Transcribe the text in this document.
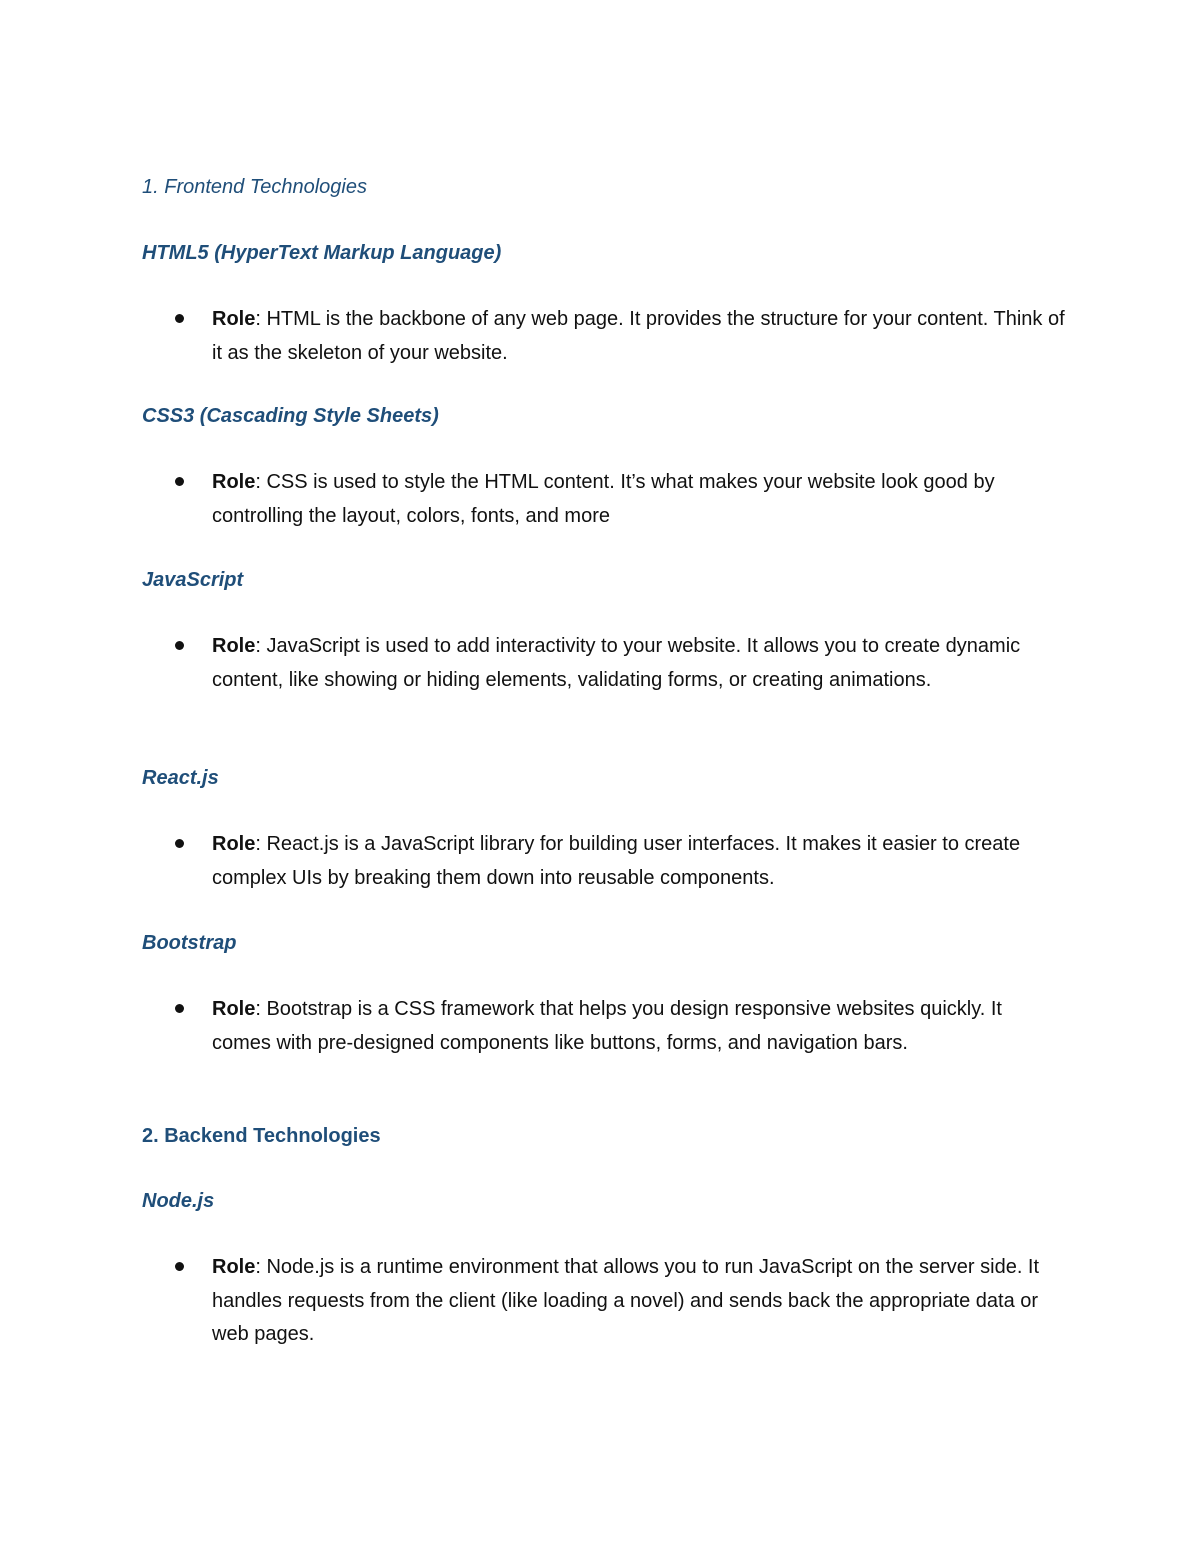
1. Frontend Technologies
HTML5 (HyperText Markup Language)

Role: HTML is the backbone of any web page. It provides the structure for your content. Think of it as the skeleton of your website.

CSS3 (Cascading Style Sheets)

Role: CSS is used to style the HTML content. It’s what makes your website look good by controlling the layout, colors, fonts, and more

JavaScript

Role: JavaScript is used to add interactivity to your website. It allows you to create dynamic content, like showing or hiding elements, validating forms, or creating animations.

React.js

Role: React.js is a JavaScript library for building user interfaces. It makes it easier to create complex UIs by breaking them down into reusable components.

Bootstrap

Role: Bootstrap is a CSS framework that helps you design responsive websites quickly. It comes with pre-designed components like buttons, forms, and navigation bars.

2. Backend Technologies
Node.js

Role: Node.js is a runtime environment that allows you to run JavaScript on the server side. It handles requests from the client (like loading a novel) and sends back the appropriate data or web pages.
